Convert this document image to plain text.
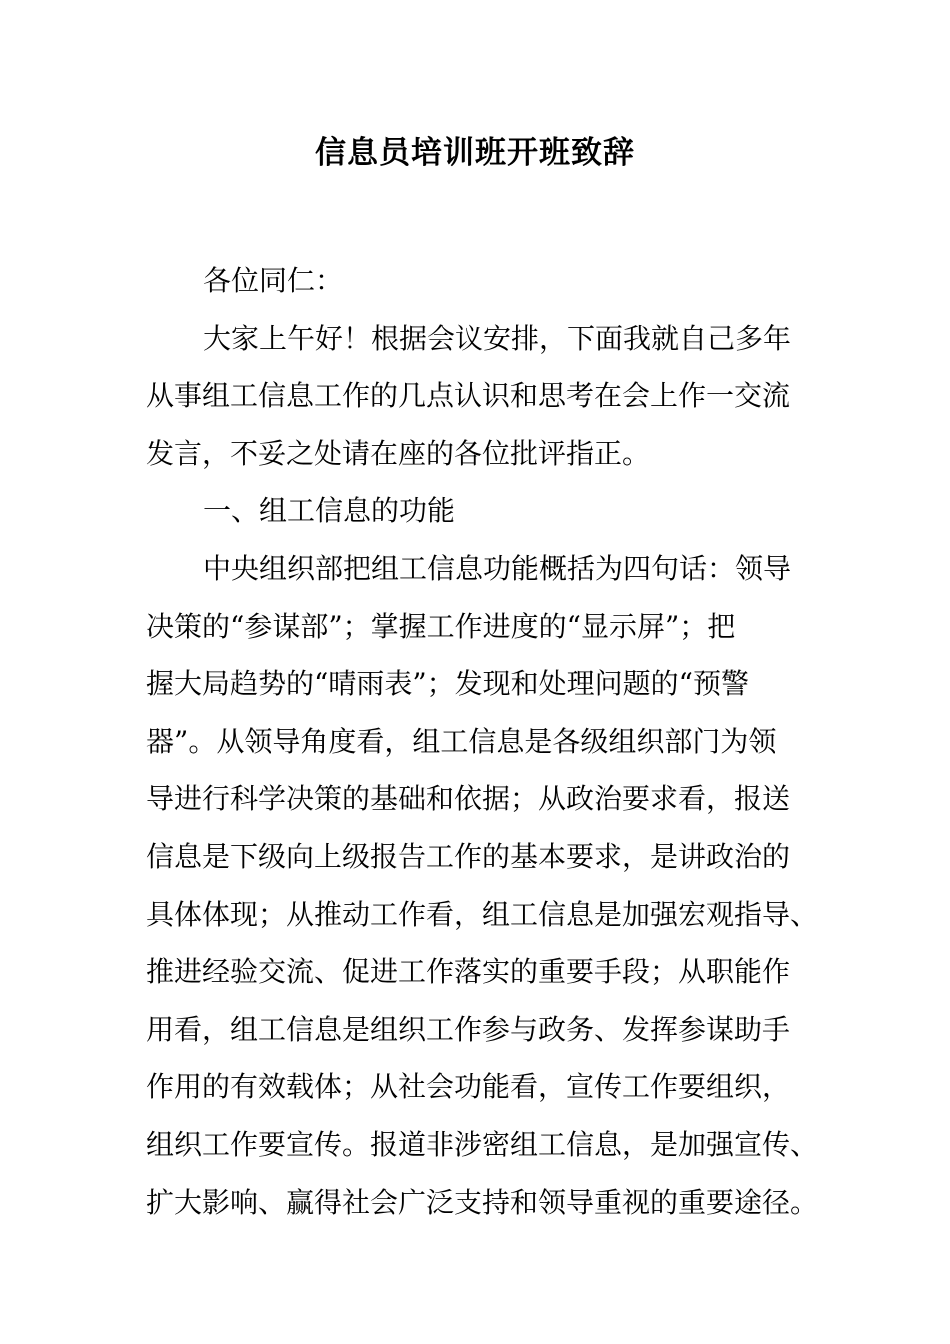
信息员培训班开班致辞
各位同仁：
大家上午好！根据会议安排，下面我就自己多年
从事组工信息工作的几点认识和思考在会上作一交流
发言，不妥之处请在座的各位批评指正。
一、组工信息的功能
中央组织部把组工信息功能概括为四句话：领导
决策的“参谋部”；掌握工作进度的“显示屏”；把
握大局趋势的“晴雨表”；发现和处理问题的“预警
器”。从领导角度看，组工信息是各级组织部门为领
导进行科学决策的基础和依据；从政治要求看，报送
信息是下级向上级报告工作的基本要求，是讲政治的
具体体现；从推动工作看，组工信息是加强宏观指导、
推进经验交流、促进工作落实的重要手段；从职能作
用看，组工信息是组织工作参与政务、发挥参谋助手
作用的有效载体；从社会功能看，宣传工作要组织，
组织工作要宣传。报道非涉密组工信息，是加强宣传、
扩大影响、赢得社会广泛支持和领导重视的重要途径。
